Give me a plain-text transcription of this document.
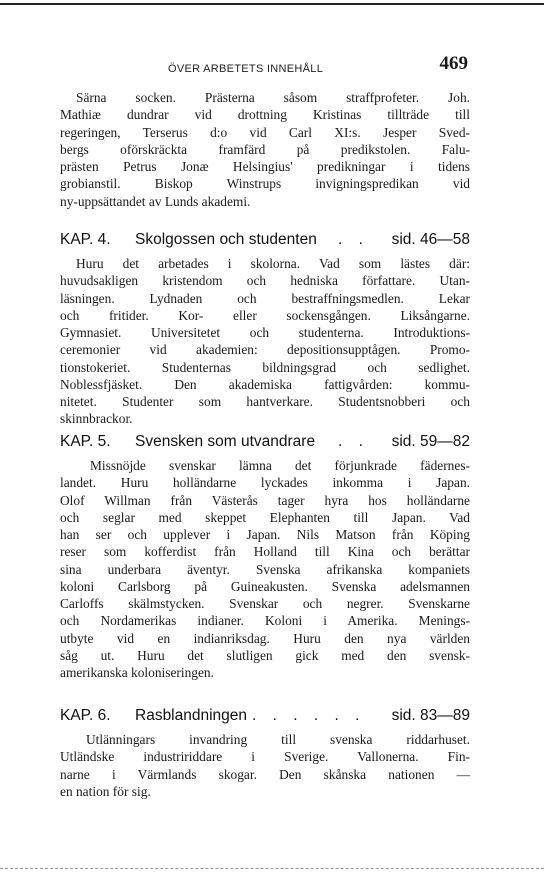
ÖVER ARBETETS INNEHÅLL	469

Särna socken. Prästerna såsom straffprofeter. Joh.
Mathiæ dundrar vid drottning Kristinas tillträde till
regeringen, Terserus d:o vid Carl XI:s. Jesper Sved-
bergs oförskräckta framfärd på predikstolen. Falu-
prästen Petrus Jonæ Helsingius' predikningar i tidens
grobianstil. Biskop Winstrups invigningspredikan vid
ny-uppsättandet av Lunds akademi.

KAP. 4. Skolgossen och studenten . . sid. 46—58

Huru det arbetades i skolorna. Vad som lästes där:
huvudsakligen kristendom och hedniska författare. Utan-
läsningen. Lydnaden och bestraffningsmedlen. Lekar
och fritider. Kor- eller sockensgången. Liksångarne.
Gymnasiet. Universitetet och studenterna. Introduktions-
ceremonier vid akademien: depositionsupptågen. Promo-
tionstokeriet. Studenternas bildningsgrad och sedlighet.
Noblessfjäsket. Den akademiska fattigvården: kommu-
nitetet. Studenter som hantverkare. Studentsnobberi och
skinnbrackor.

KAP. 5. Svensken som utvandrare . . sid. 59—82

Missnöjde svenskar lämna det förjunkrade fädernes-
landet. Huru holländarne lyckades inkomma i Japan.
Olof Willman från Västerås tager hyra hos holländarne
och seglar med skeppet Elephanten till Japan. Vad
han ser och upplever i Japan. Nils Matson från Köping
reser som kofferdist från Holland till Kina och berättar
sina underbara äventyr. Svenska afrikanska kompaniets
koloni Carlsborg på Guineakusten. Svenska adelsmannen
Carloffs skälmstycken. Svenskar och negrer. Svenskarne
och Nordamerikas indianer. Koloni i Amerika. Menings-
utbyte vid en indianriksdag. Huru den nya världen
såg ut. Huru det slutligen gick med den svensk-
amerikanska koloniseringen.

KAP. 6. Rasblandningen . . . . . . sid. 83—89

Utlänningars invandring till svenska riddarhuset.
Utländske industririddare i Sverige. Vallonerna. Fin-
narne i Värmlands skogar. Den skånska nationen —
en nation för sig.
